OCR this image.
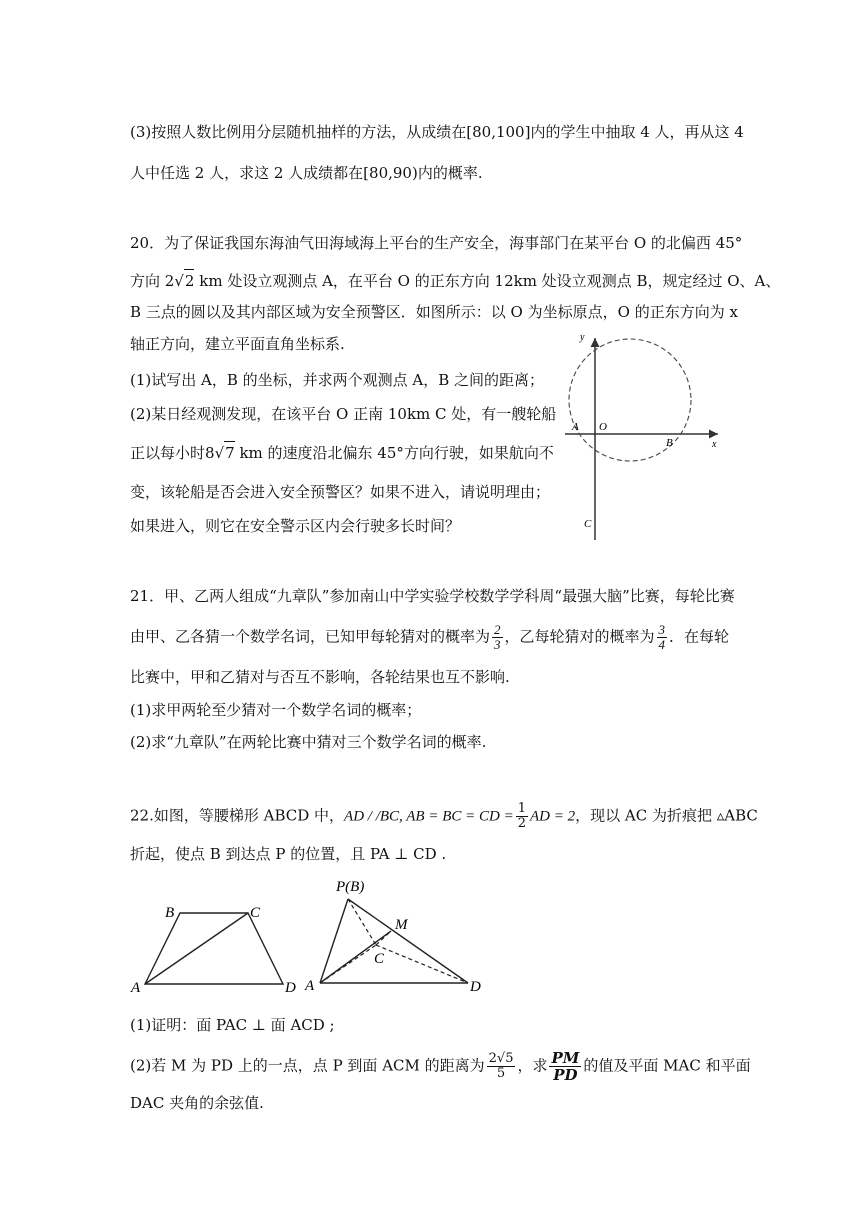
(3)按照人数比例用分层随机抽样的方法，从成绩在[80,100]内的学生中抽取 4 人，再从这 4
人中任选 2 人，求这 2 人成绩都在[80,90)内的概率.
20．为了保证我国东海油气田海域海上平台的生产安全，海事部门在某平台 O 的北偏西 45°
方向 2√2 km 处设立观测点 A，在平台 O 的正东方向 12km 处设立观测点 B，规定经过 O、A、
B 三点的圆以及其内部区域为安全预警区．如图所示：以 O 为坐标原点，O 的正东方向为 x
轴正方向，建立平面直角坐标系.
(1)试写出 A，B 的坐标，并求两个观测点 A，B 之间的距离；
(2)某日经观测发现，在该平台 O 正南 10km C 处，有一艘轮船
正以每小时8√7 km 的速度沿北偏东 45°方向行驶，如果航向不
变，该轮船是否会进入安全预警区？如果不进入，请说明理由；
如果进入，则它在安全警示区内会行驶多长时间？
y
x
A O
B
C
21．甲、乙两人组成“九章队”参加南山中学实验学校数学学科周“最强大脑”比赛，每轮比赛
由甲、乙各猜一个数学名词，已知甲每轮猜对的概率为 $\frac{2}{3}$ ，乙每轮猜对的概率为 $\frac{3}{4}$ ．在每轮
比赛中，甲和乙猜对与否互不影响，各轮结果也互不影响.
(1)求甲两轮至少猜对一个数学名词的概率；
(2)求“九章队”在两轮比赛中猜对三个数学名词的概率.
22.如图，等腰梯形 ABCD 中，AD / /BC, AB = BC = CD = $\frac{1}{2}$ AD = 2，现以 AC 为折痕把 ▵ABC
折起，使点 B 到达点 P 的位置，且 PA ⊥ CD .
B	C
A	D
P(B)
M
C
A	D
(1)证明：面 PAC ⊥ 面 ACD ;
(2)若 M 为 PD 上的一点，点 P 到面 ACM 的距离为 $\frac{2√5}{5}$ ，求 $\frac{PM}{PD}$ 的值及平面 MAC 和平面
DAC 夹角的余弦值.
